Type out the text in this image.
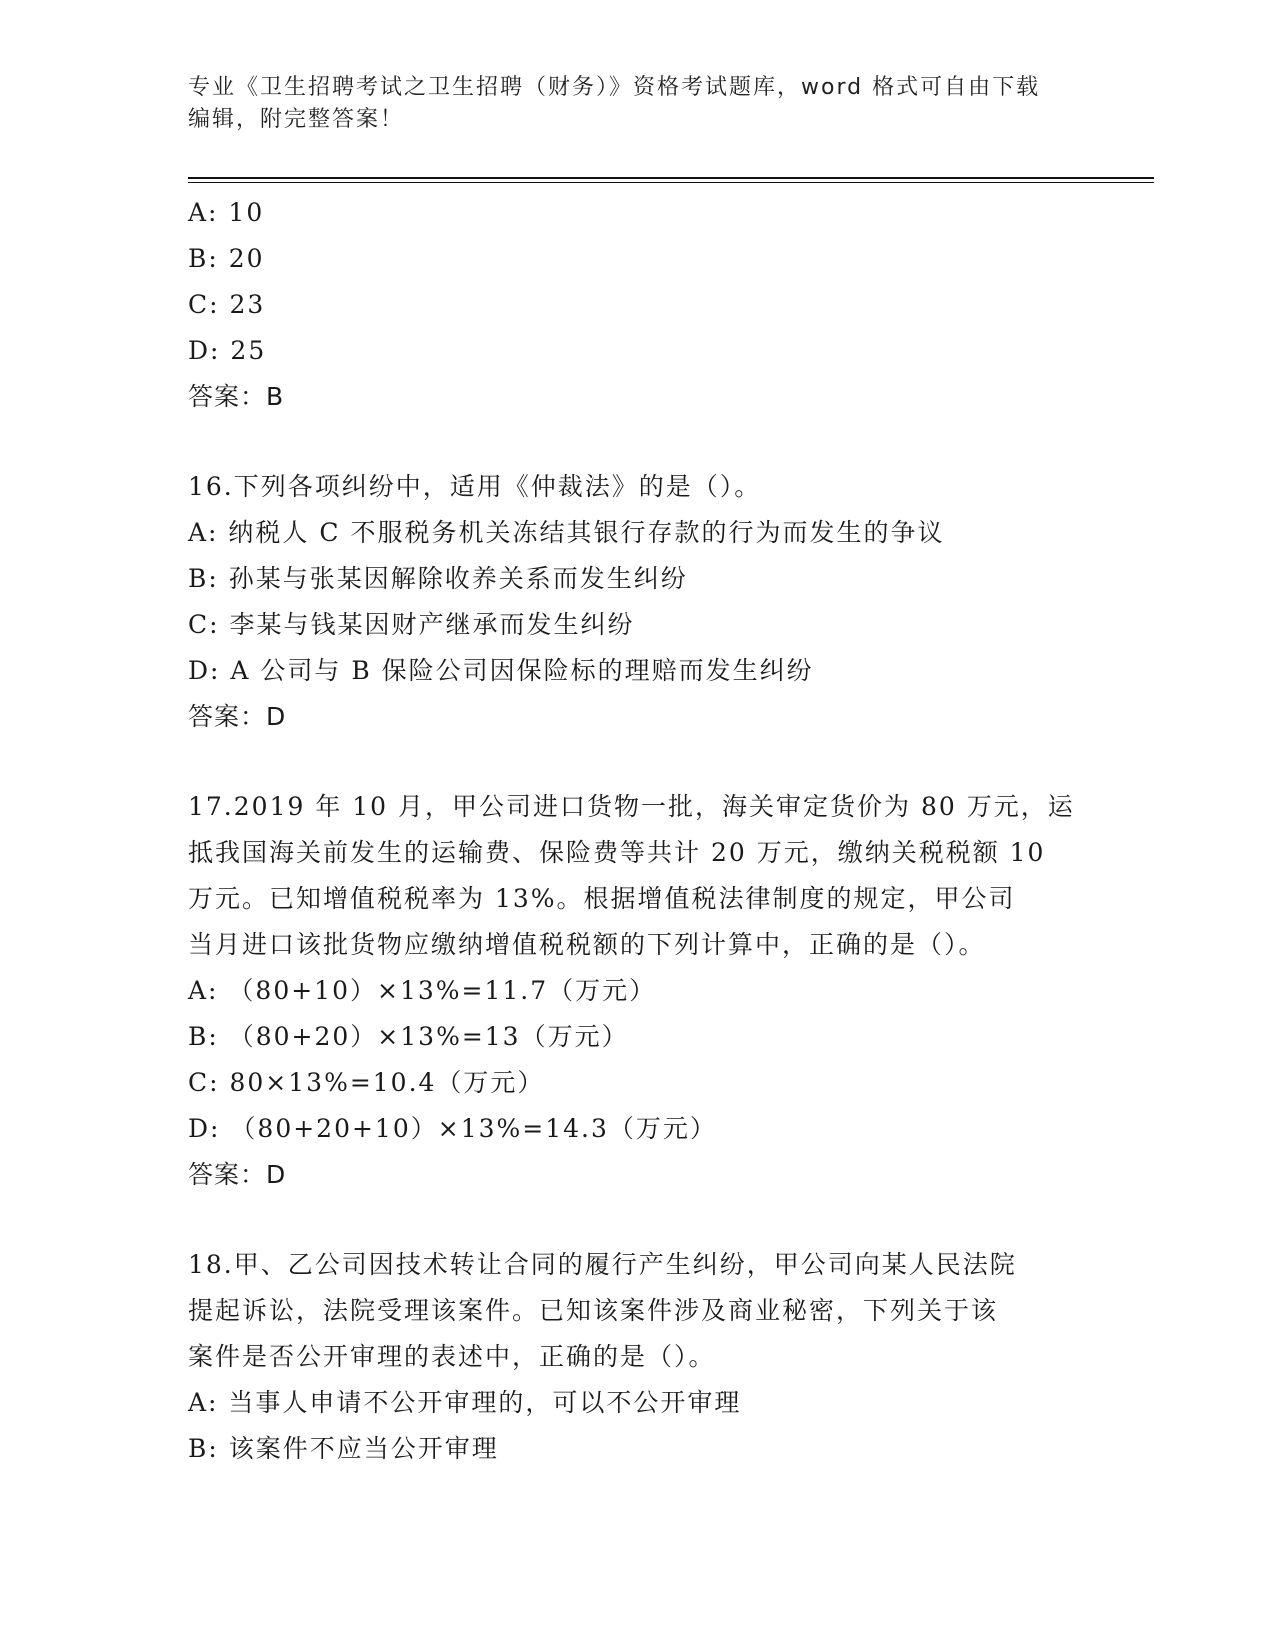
专业《卫生招聘考试之卫生招聘（财务）》资格考试题库，word 格式可自由下载
编辑，附完整答案！
A: 10
B: 20
C: 23
D: 25
答案：B
16.下列各项纠纷中，适用《仲裁法》的是（）。
A: 纳税人 C 不服税务机关冻结其银行存款的行为而发生的争议
B: 孙某与张某因解除收养关系而发生纠纷
C: 李某与钱某因财产继承而发生纠纷
D: A 公司与 B 保险公司因保险标的理赔而发生纠纷
答案：D
17.2019 年 10 月，甲公司进口货物一批，海关审定货价为 80 万元，运
抵我国海关前发生的运输费、保险费等共计 20 万元，缴纳关税税额 10
万元。已知增值税税率为 13%。根据增值税法律制度的规定，甲公司
当月进口该批货物应缴纳增值税税额的下列计算中，正确的是（）。
A: （80+10）×13%=11.7（万元）
B: （80+20）×13%=13（万元）
C: 80×13%=10.4（万元）
D: （80+20+10）×13%=14.3（万元）
答案：D
18.甲、乙公司因技术转让合同的履行产生纠纷，甲公司向某人民法院
提起诉讼，法院受理该案件。已知该案件涉及商业秘密，下列关于该
案件是否公开审理的表述中，正确的是（）。
A: 当事人申请不公开审理的，可以不公开审理
B: 该案件不应当公开审理
